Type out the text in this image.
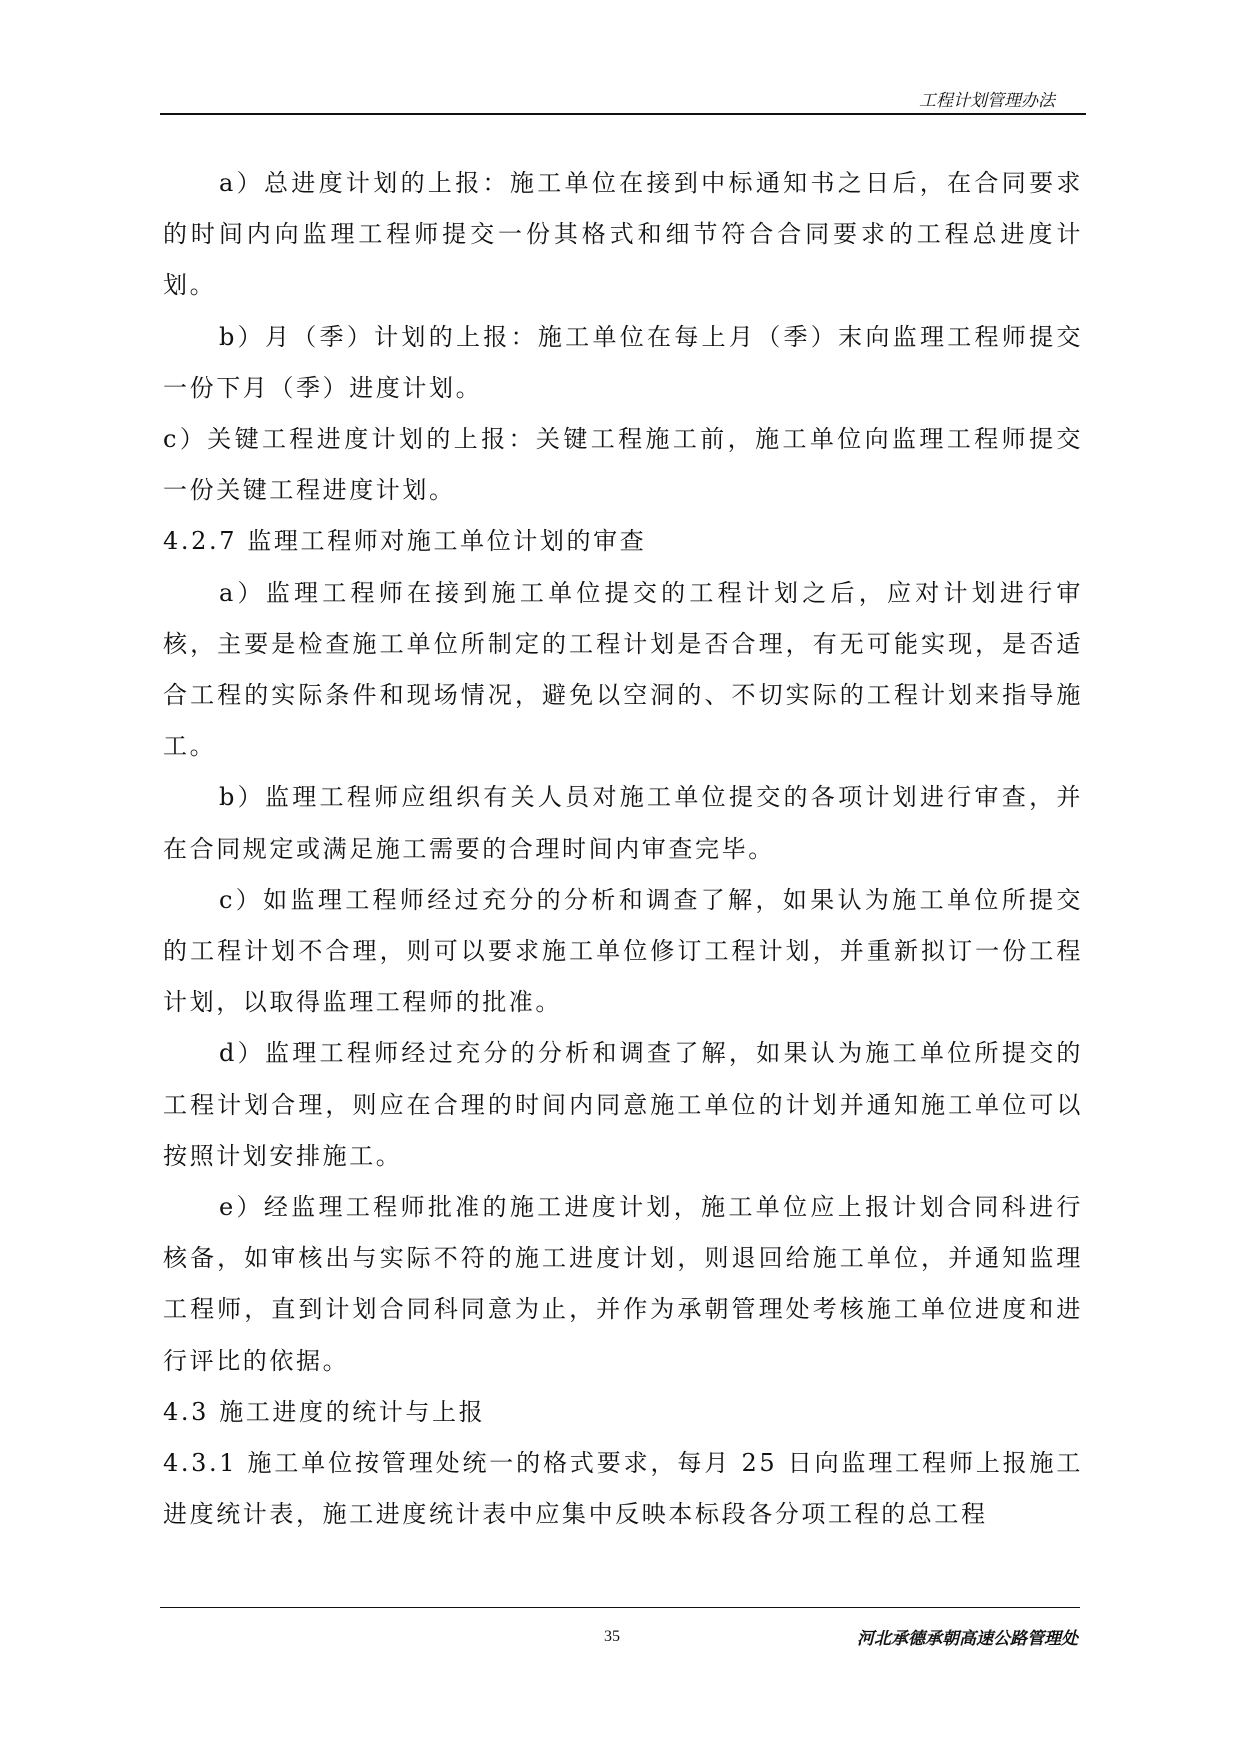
工程计划管理办法

a）总进度计划的上报：施工单位在接到中标通知书之日后，在合同要求的时间内向监理工程师提交一份其格式和细节符合合同要求的工程总进度计划。

b）月（季）计划的上报：施工单位在每上月（季）末向监理工程师提交一份下月（季）进度计划。

c）关键工程进度计划的上报：关键工程施工前，施工单位向监理工程师提交一份关键工程进度计划。

4.2.7 监理工程师对施工单位计划的审查

a）监理工程师在接到施工单位提交的工程计划之后，应对计划进行审核，主要是检查施工单位所制定的工程计划是否合理，有无可能实现，是否适合工程的实际条件和现场情况，避免以空洞的、不切实际的工程计划来指导施工。

b）监理工程师应组织有关人员对施工单位提交的各项计划进行审查，并在合同规定或满足施工需要的合理时间内审查完毕。

c）如监理工程师经过充分的分析和调查了解，如果认为施工单位所提交的工程计划不合理，则可以要求施工单位修订工程计划，并重新拟订一份工程计划，以取得监理工程师的批准。

d）监理工程师经过充分的分析和调查了解，如果认为施工单位所提交的工程计划合理，则应在合理的时间内同意施工单位的计划并通知施工单位可以按照计划安排施工。

e）经监理工程师批准的施工进度计划，施工单位应上报计划合同科进行核备，如审核出与实际不符的施工进度计划，则退回给施工单位，并通知监理工程师，直到计划合同科同意为止，并作为承朝管理处考核施工单位进度和进行评比的依据。

4.3 施工进度的统计与上报

4.3.1 施工单位按管理处统一的格式要求，每月 25 日向监理工程师上报施工进度统计表，施工进度统计表中应集中反映本标段各分项工程的总工程

35	河北承德承朝高速公路管理处
